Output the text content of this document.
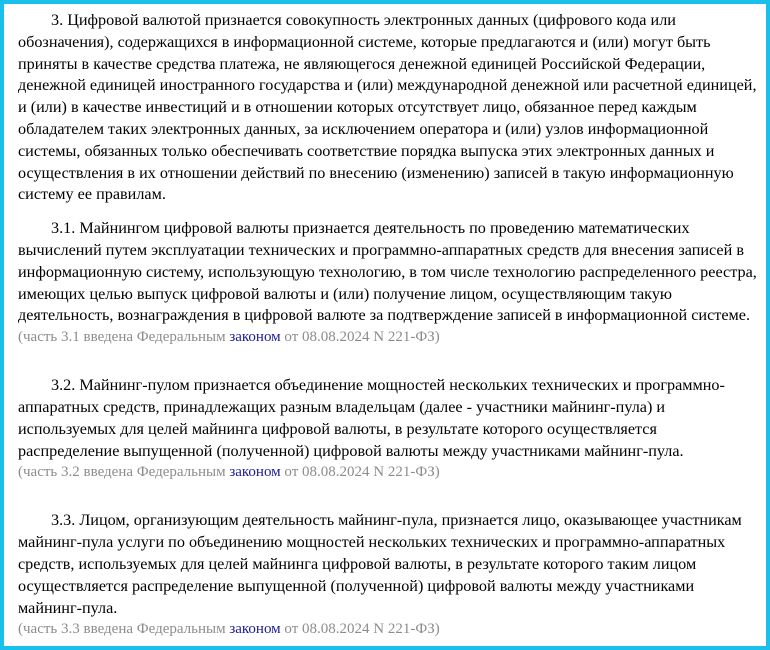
3. Цифровой валютой признается совокупность электронных данных (цифрового кода или обозначения), содержащихся в информационной системе, которые предлагаются и (или) могут быть приняты в качестве средства платежа, не являющегося денежной единицей Российской Федерации, денежной единицей иностранного государства и (или) международной денежной или расчетной единицей, и (или) в качестве инвестиций и в отношении которых отсутствует лицо, обязанное перед каждым обладателем таких электронных данных, за исключением оператора и (или) узлов информационной системы, обязанных только обеспечивать соответствие порядка выпуска этих электронных данных и осуществления в их отношении действий по внесению (изменению) записей в такую информационную систему ее правилам.

3.1. Майнингом цифровой валюты признается деятельность по проведению математических вычислений путем эксплуатации технических и программно-аппаратных средств для внесения записей в информационную систему, использующую технологию, в том числе технологию распределенного реестра, имеющих целью выпуск цифровой валюты и (или) получение лицом, осуществляющим такую деятельность, вознаграждения в цифровой валюте за подтверждение записей в информационной системе.

(часть 3.1 введена Федеральным законом от 08.08.2024 N 221-ФЗ)

3.2. Майнинг-пулом признается объединение мощностей нескольких технических и программно-аппаратных средств, принадлежащих разным владельцам (далее - участники майнинг-пула) и используемых для целей майнинга цифровой валюты, в результате которого осуществляется распределение выпущенной (полученной) цифровой валюты между участниками майнинг-пула.

(часть 3.2 введена Федеральным законом от 08.08.2024 N 221-ФЗ)

3.3. Лицом, организующим деятельность майнинг-пула, признается лицо, оказывающее участникам майнинг-пула услуги по объединению мощностей нескольких технических и программно-аппаратных средств, используемых для целей майнинга цифровой валюты, в результате которого таким лицом осуществляется распределение выпущенной (полученной) цифровой валюты между участниками майнинг-пула.

(часть 3.3 введена Федеральным законом от 08.08.2024 N 221-ФЗ)
